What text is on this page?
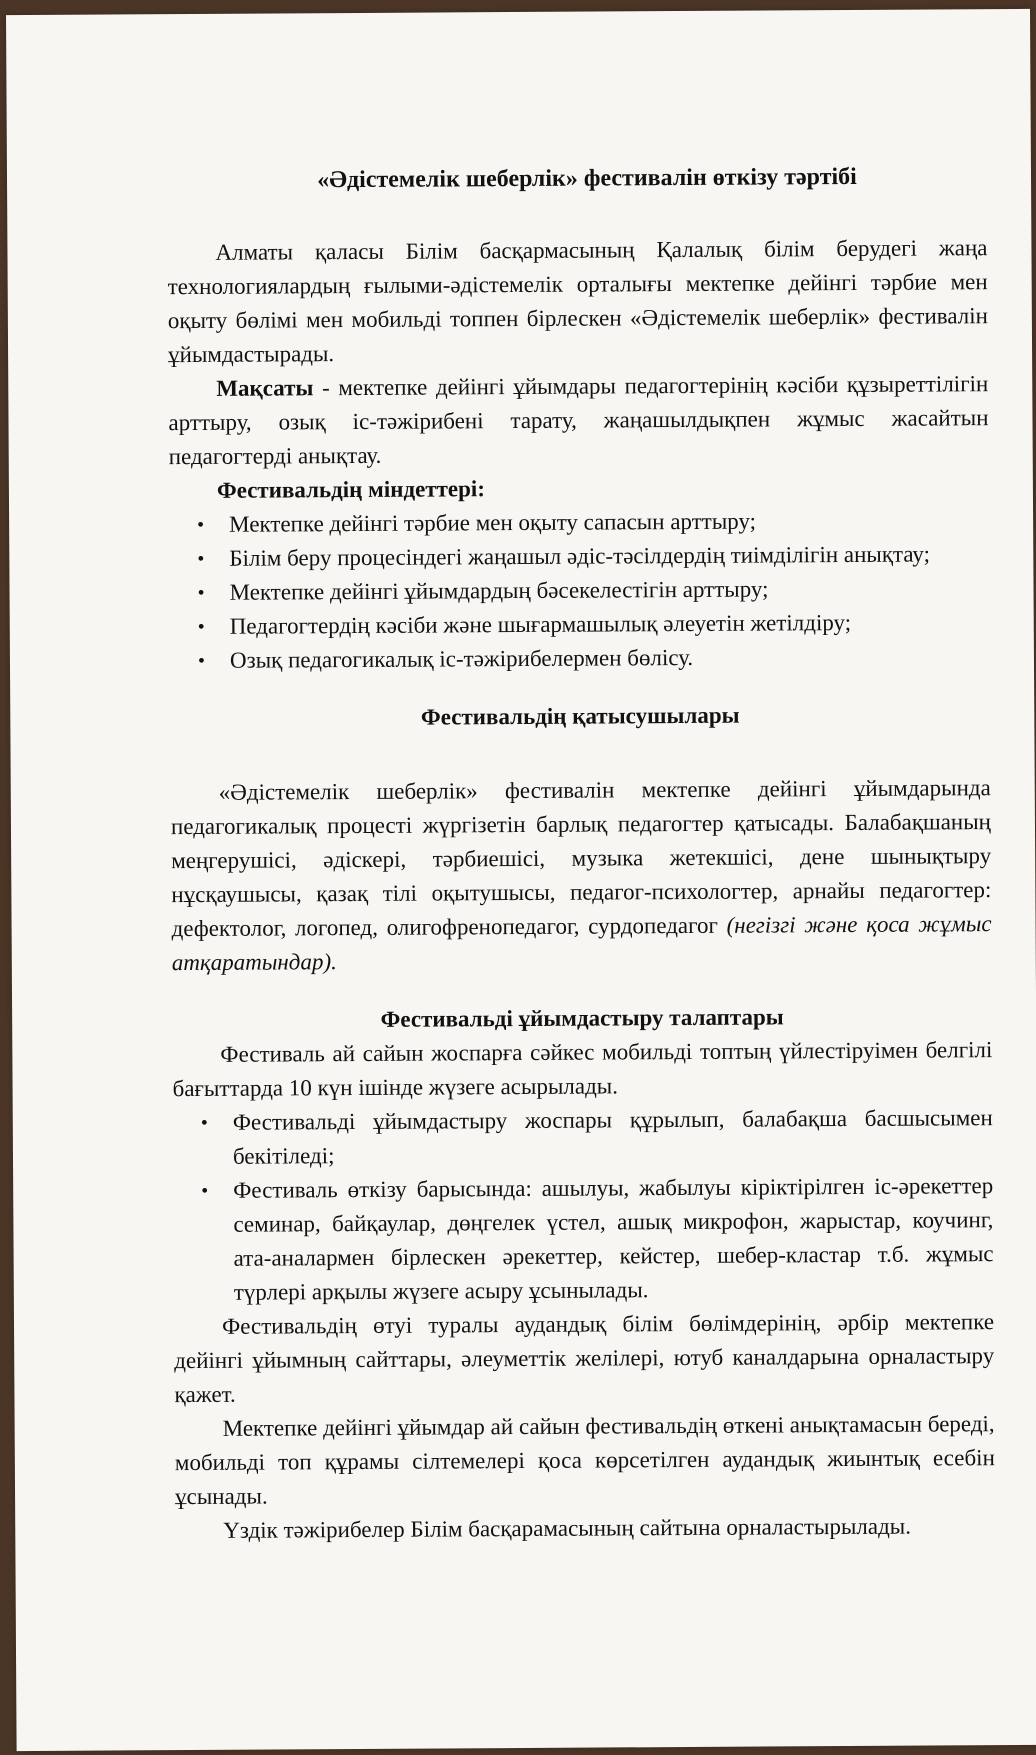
«Әдістемелік шеберлік» фестивалін өткізу тәртібі

Алматы қаласы Білім басқармасының Қалалық білім берудегі жаңа технологиялардың ғылыми-әдістемелік орталығы мектепке дейінгі тәрбие мен оқыту бөлімі мен мобильді топпен бірлескен «Әдістемелік шеберлік» фестивалін ұйымдастырады.

Мақсаты - мектепке дейінгі ұйымдары педагогтерінің кәсіби құзыреттілігін арттыру, озық іс-тәжірибені тарату, жаңашылдықпен жұмыс жасайтын педагогтерді анықтау.

Фестивальдің міндеттері:
• Мектепке дейінгі тәрбие мен оқыту сапасын арттыру;
• Білім беру процесіндегі жаңашыл әдіс-тәсілдердің тиімділігін анықтау;
• Мектепке дейінгі ұйымдардың бәсекелестігін арттыру;
• Педагогтердің кәсіби және шығармашылық әлеуетін жетілдіру;
• Озық педагогикалық іс-тәжірибелермен бөлісу.
Фестивальдің қатысушылары

«Әдістемелік шеберлік» фестивалін мектепке дейінгі ұйымдарында педагогикалық процесті жүргізетін барлық педагогтер қатысады. Балабақшаның меңгерушісі, әдіскері, тәрбиешісі, музыка жетекшісі, дене шынықтыру нұсқаушысы, қазақ тілі оқытушысы, педагог-психологтер, арнайы педагогтер: дефектолог, логопед, олигофренопедагог, сурдопедагог (негізгі және қоса жұмыс атқаратындар).

Фестивальді ұйымдастыру талаптары

Фестиваль ай сайын жоспарға сәйкес мобильді топтың үйлестіруімен белгілі бағыттарда 10 күн ішінде жүзеге асырылады.

• Фестивальді ұйымдастыру жоспары құрылып, балабақша басшысымен бекітіледі;
• Фестиваль өткізу барысында: ашылуы, жабылуы кіріктірілген іс-әрекеттер семинар, байқаулар, дөңгелек үстел, ашық микрофон, жарыстар, коучинг, ата-аналармен бірлескен әрекеттер, кейстер, шебер-кластар т.б. жұмыс түрлері арқылы жүзеге асыру ұсынылады.

Фестивальдің өтуі туралы аудандық білім бөлімдерінің, әрбір мектепке дейінгі ұйымның сайттары, әлеуметтік желілері, ютуб каналдарына орналастыру қажет.

Мектепке дейінгі ұйымдар ай сайын фестивальдің өткені анықтамасын береді, мобильді топ құрамы сілтемелері қоса көрсетілген аудандық жиынтық есебін ұсынады.

Үздік тәжірибелер Білім басқарамасының сайтына орналастырылады.
